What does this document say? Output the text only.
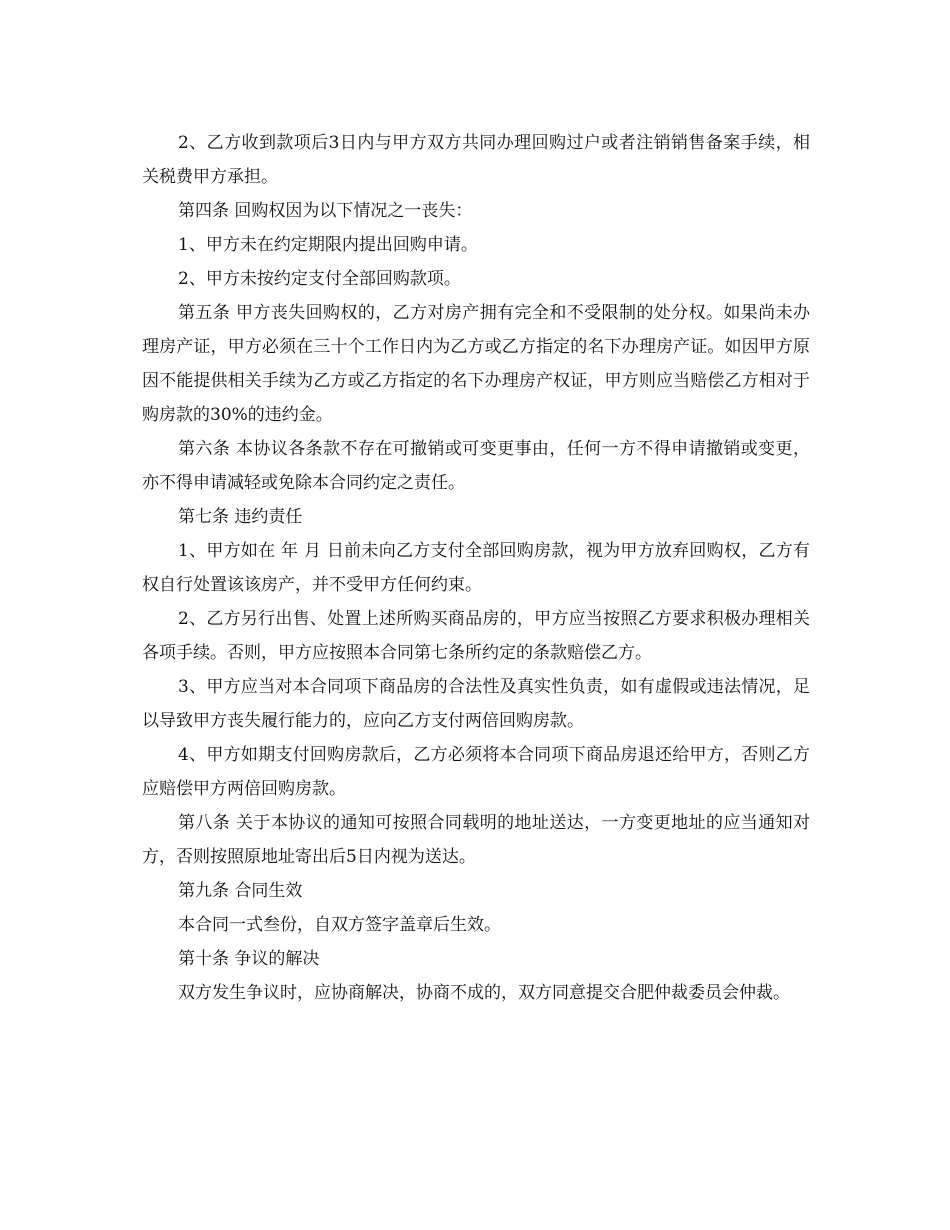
2、乙方收到款项后3日内与甲方双方共同办理回购过户或者注销销售备案手续，相关税费甲方承担。

第四条 回购权因为以下情况之一丧失：

1、甲方未在约定期限内提出回购申请。

2、甲方未按约定支付全部回购款项。

第五条 甲方丧失回购权的，乙方对房产拥有完全和不受限制的处分权。如果尚未办理房产证，甲方必须在三十个工作日内为乙方或乙方指定的名下办理房产证。如因甲方原因不能提供相关手续为乙方或乙方指定的名下办理房产权证，甲方则应当赔偿乙方相对于购房款的30%的违约金。

第六条 本协议各条款不存在可撤销或可变更事由，任何一方不得申请撤销或变更，亦不得申请减轻或免除本合同约定之责任。

第七条 违约责任

1、甲方如在 年 月 日前未向乙方支付全部回购房款，视为甲方放弃回购权，乙方有权自行处置该该房产，并不受甲方任何约束。

2、乙方另行出售、处置上述所购买商品房的，甲方应当按照乙方要求积极办理相关各项手续。否则，甲方应按照本合同第七条所约定的条款赔偿乙方。

3、甲方应当对本合同项下商品房的合法性及真实性负责，如有虚假或违法情况，足以导致甲方丧失履行能力的，应向乙方支付两倍回购房款。

4、甲方如期支付回购房款后，乙方必须将本合同项下商品房退还给甲方，否则乙方应赔偿甲方两倍回购房款。

第八条 关于本协议的通知可按照合同载明的地址送达，一方变更地址的应当通知对方，否则按照原地址寄出后5日内视为送达。

第九条 合同生效

本合同一式叁份，自双方签字盖章后生效。

第十条 争议的解决

双方发生争议时，应协商解决，协商不成的，双方同意提交合肥仲裁委员会仲裁。
